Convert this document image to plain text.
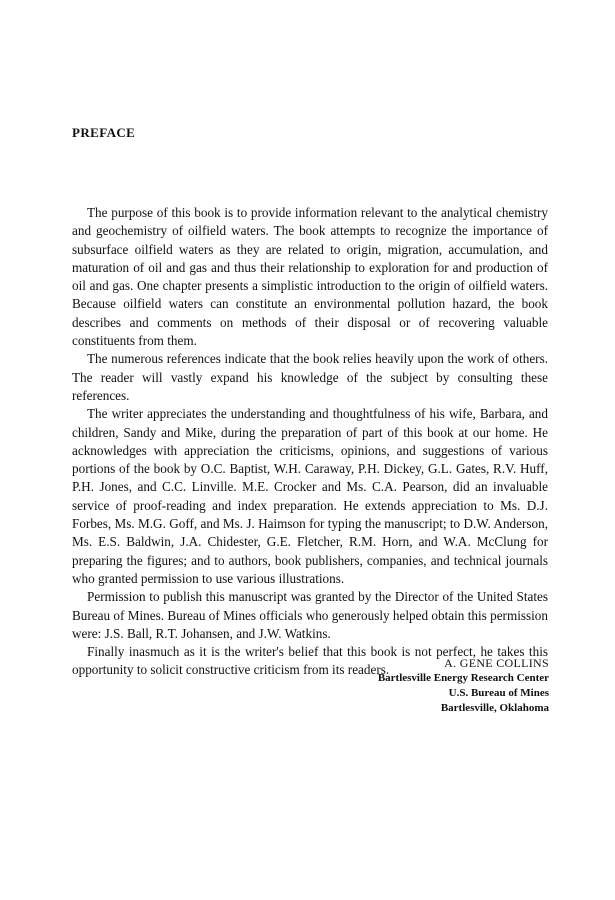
PREFACE

The purpose of this book is to provide information relevant to the analytical chemistry and geochemistry of oilfield waters. The book attempts to recognize the importance of subsurface oilfield waters as they are related to origin, migration, accumulation, and maturation of oil and gas and thus their relationship to exploration for and production of oil and gas. One chapter presents a simplistic introduction to the origin of oilfield waters. Because oilfield waters can constitute an environmental pollution hazard, the book describes and comments on methods of their disposal or of recovering valuable constituents from them.

The numerous references indicate that the book relies heavily upon the work of others. The reader will vastly expand his knowledge of the subject by consulting these references.

The writer appreciates the understanding and thoughtfulness of his wife, Barbara, and children, Sandy and Mike, during the preparation of part of this book at our home. He acknowledges with appreciation the criticisms, opinions, and suggestions of various portions of the book by O.C. Baptist, W.H. Caraway, P.H. Dickey, G.L. Gates, R.V. Huff, P.H. Jones, and C.C. Linville. M.E. Crocker and Ms. C.A. Pearson, did an invaluable service of proof-reading and index preparation. He extends appreciation to Ms. D.J. Forbes, Ms. M.G. Goff, and Ms. J. Haimson for typing the manuscript; to D.W. Anderson, Ms. E.S. Baldwin, J.A. Chidester, G.E. Fletcher, R.M. Horn, and W.A. McClung for preparing the figures; and to authors, book publishers, companies, and technical journals who granted permission to use various illustrations.

Permission to publish this manuscript was granted by the Director of the United States Bureau of Mines. Bureau of Mines officials who generously helped obtain this permission were: J.S. Ball, R.T. Johansen, and J.W. Watkins.

Finally inasmuch as it is the writer's belief that this book is not perfect, he takes this opportunity to solicit constructive criticism from its readers.	A. GENE COLLINS
Bartlesville Energy Research Center
U.S. Bureau of Mines
Bartlesville, Oklahoma
